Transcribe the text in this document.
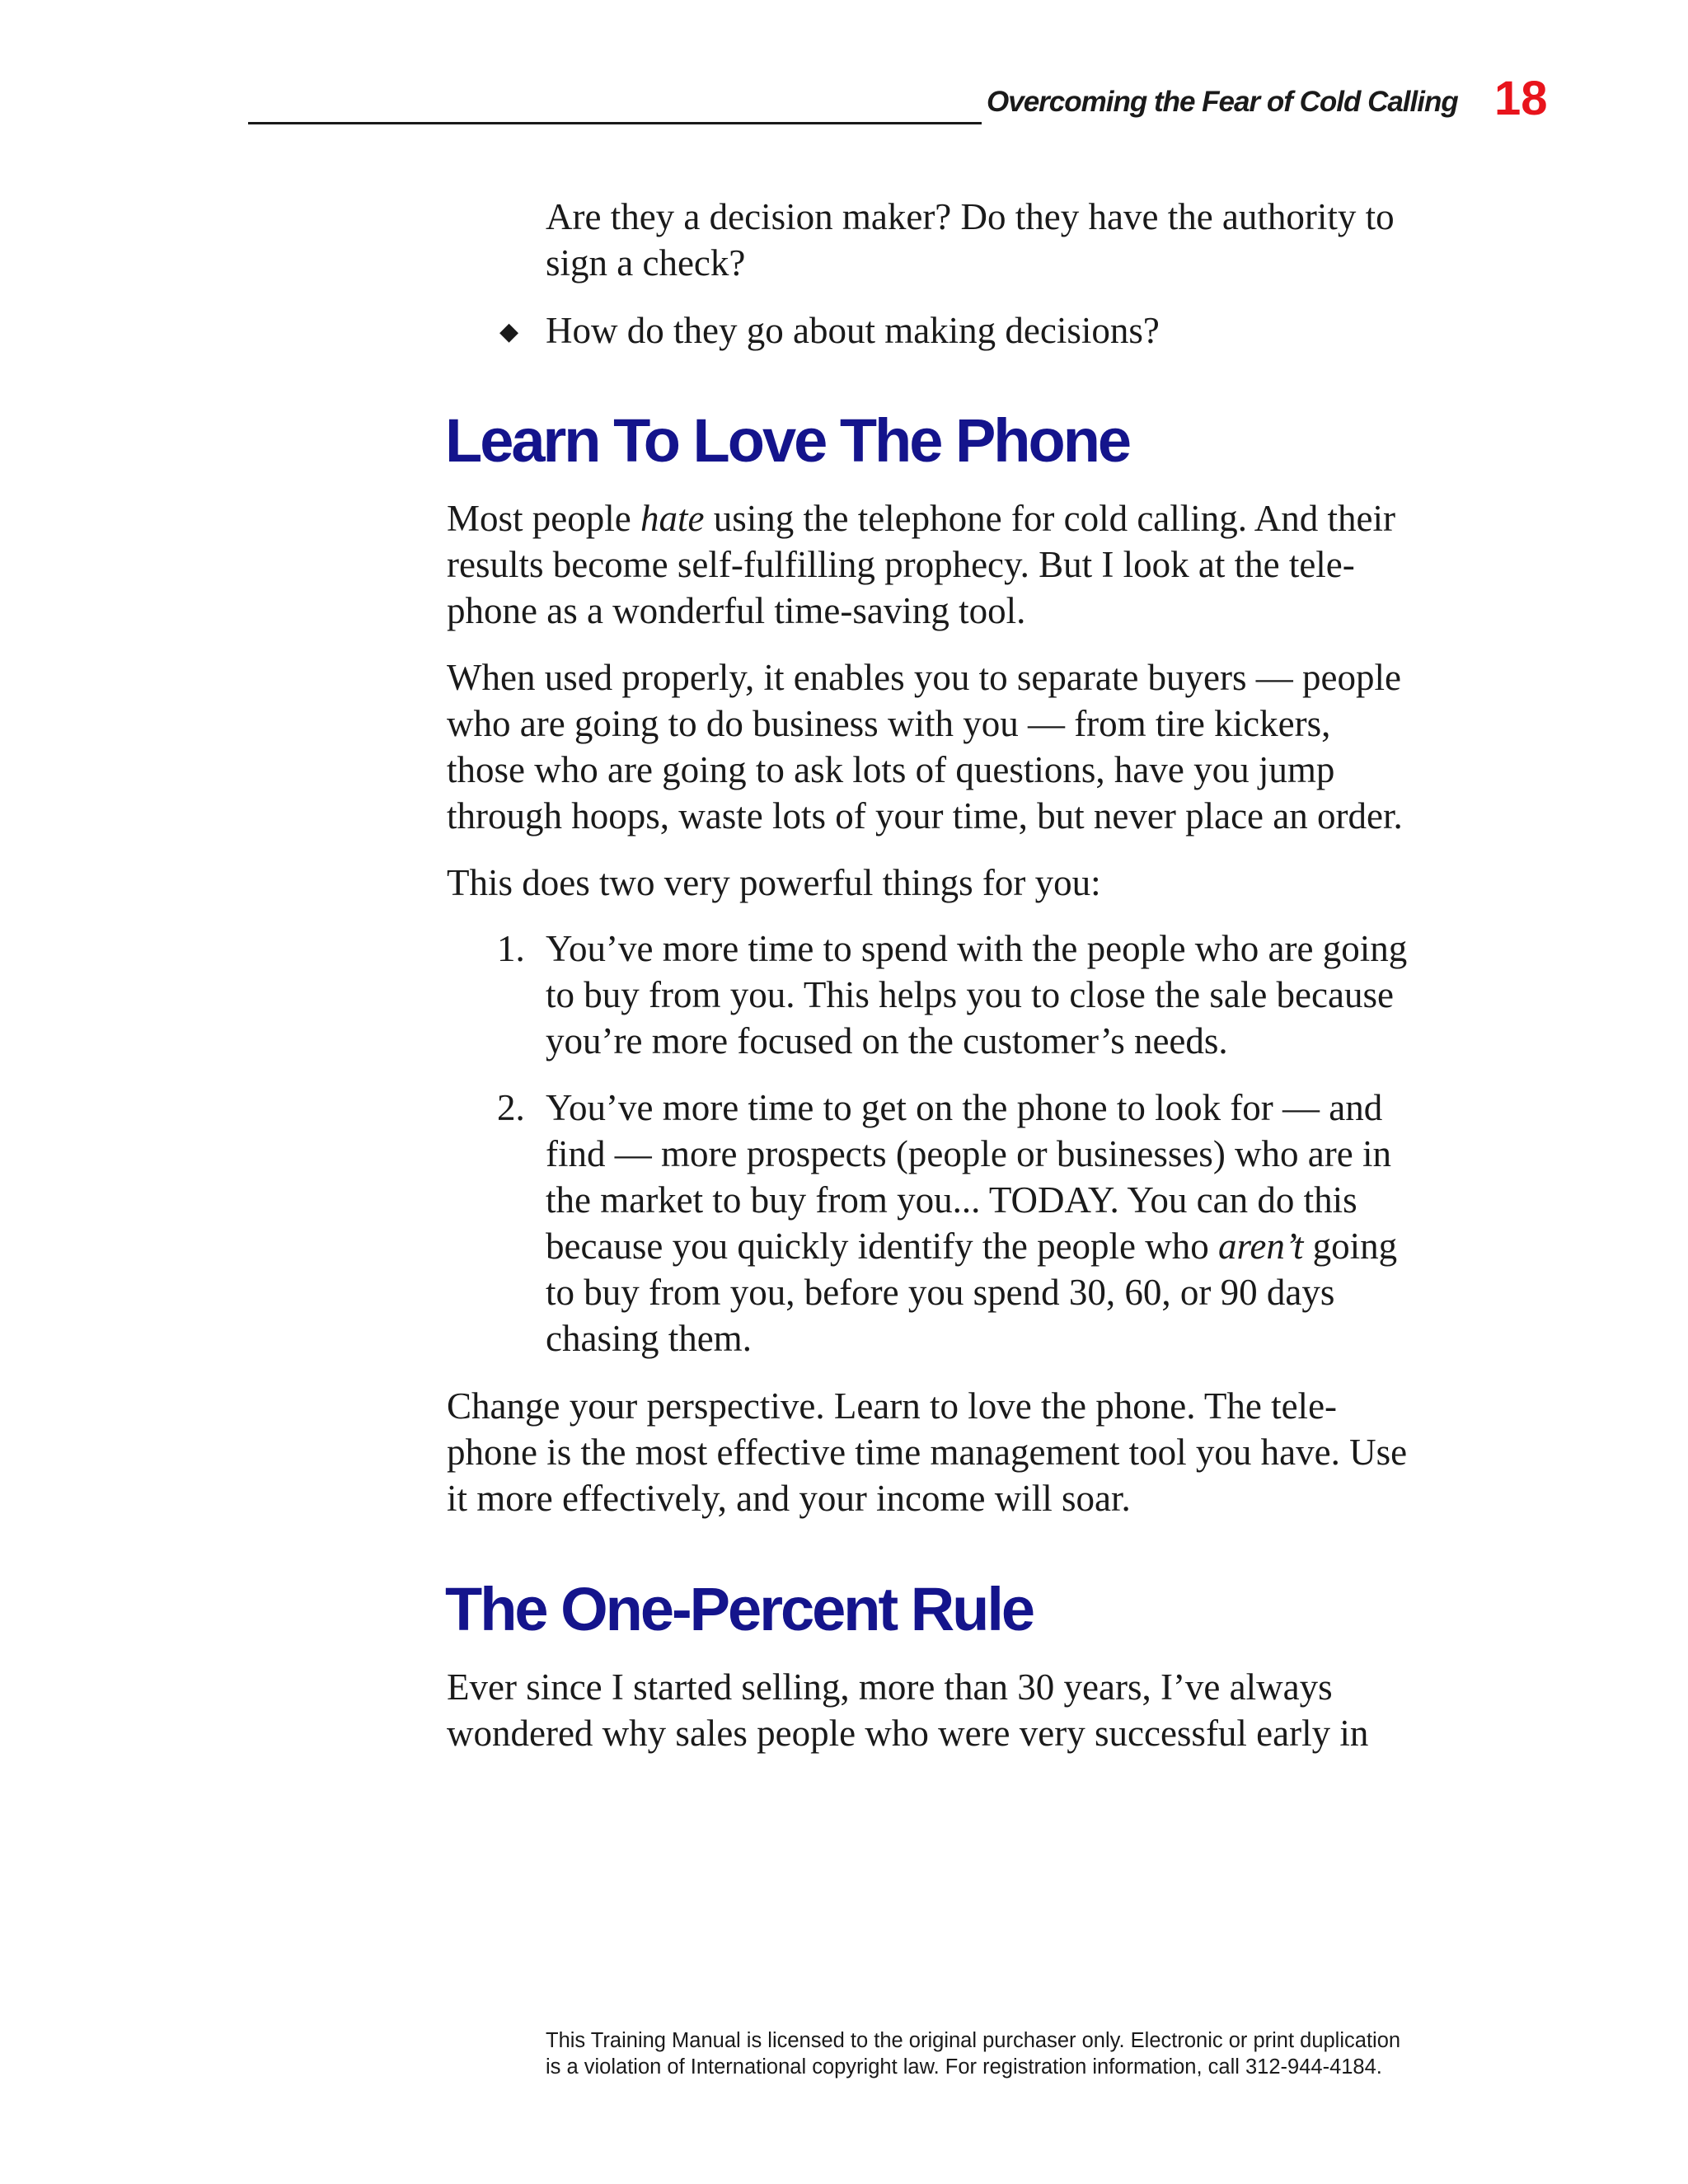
Overcoming the Fear of Cold Calling 18
Are they a decision maker? Do they have the authority to
sign a check?
◆ How do they go about making decisions?
Learn To Love The Phone
Most people hate using the telephone for cold calling. And their
results become self-fulfilling prophecy. But I look at the tele-
phone as a wonderful time-saving tool.
When used properly, it enables you to separate buyers — people
who are going to do business with you — from tire kickers,
those who are going to ask lots of questions, have you jump
through hoops, waste lots of your time, but never place an order.
This does two very powerful things for you:
1. You’ve more time to spend with the people who are going
to buy from you. This helps you to close the sale because
you’re more focused on the customer’s needs.
2. You’ve more time to get on the phone to look for — and
find — more prospects (people or businesses) who are in
the market to buy from you... TODAY. You can do this
because you quickly identify the people who aren’t going
to buy from you, before you spend 30, 60, or 90 days
chasing them.
Change your perspective. Learn to love the phone. The tele-
phone is the most effective time management tool you have. Use
it more effectively, and your income will soar.
The One-Percent Rule
Ever since I started selling, more than 30 years, I’ve always
wondered why sales people who were very successful early in
This Training Manual is licensed to the original purchaser only. Electronic or print duplication
is a violation of International copyright law. For registration information, call 312-944-4184.
